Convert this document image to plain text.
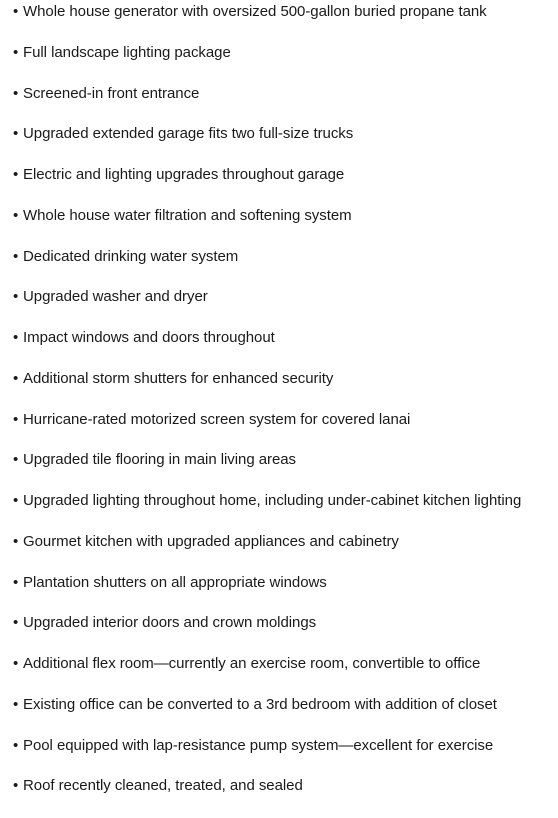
• Whole house generator with oversized 500-gallon buried propane tank
• Full landscape lighting package
• Screened-in front entrance
• Upgraded extended garage fits two full-size trucks
• Electric and lighting upgrades throughout garage
• Whole house water filtration and softening system
• Dedicated drinking water system
• Upgraded washer and dryer
• Impact windows and doors throughout
• Additional storm shutters for enhanced security
• Hurricane-rated motorized screen system for covered lanai
• Upgraded tile flooring in main living areas
• Upgraded lighting throughout home, including under-cabinet kitchen lighting
• Gourmet kitchen with upgraded appliances and cabinetry
• Plantation shutters on all appropriate windows
• Upgraded interior doors and crown moldings
• Additional flex room—currently an exercise room, convertible to office
• Existing office can be converted to a 3rd bedroom with addition of closet
• Pool equipped with lap-resistance pump system—excellent for exercise
• Roof recently cleaned, treated, and sealed
